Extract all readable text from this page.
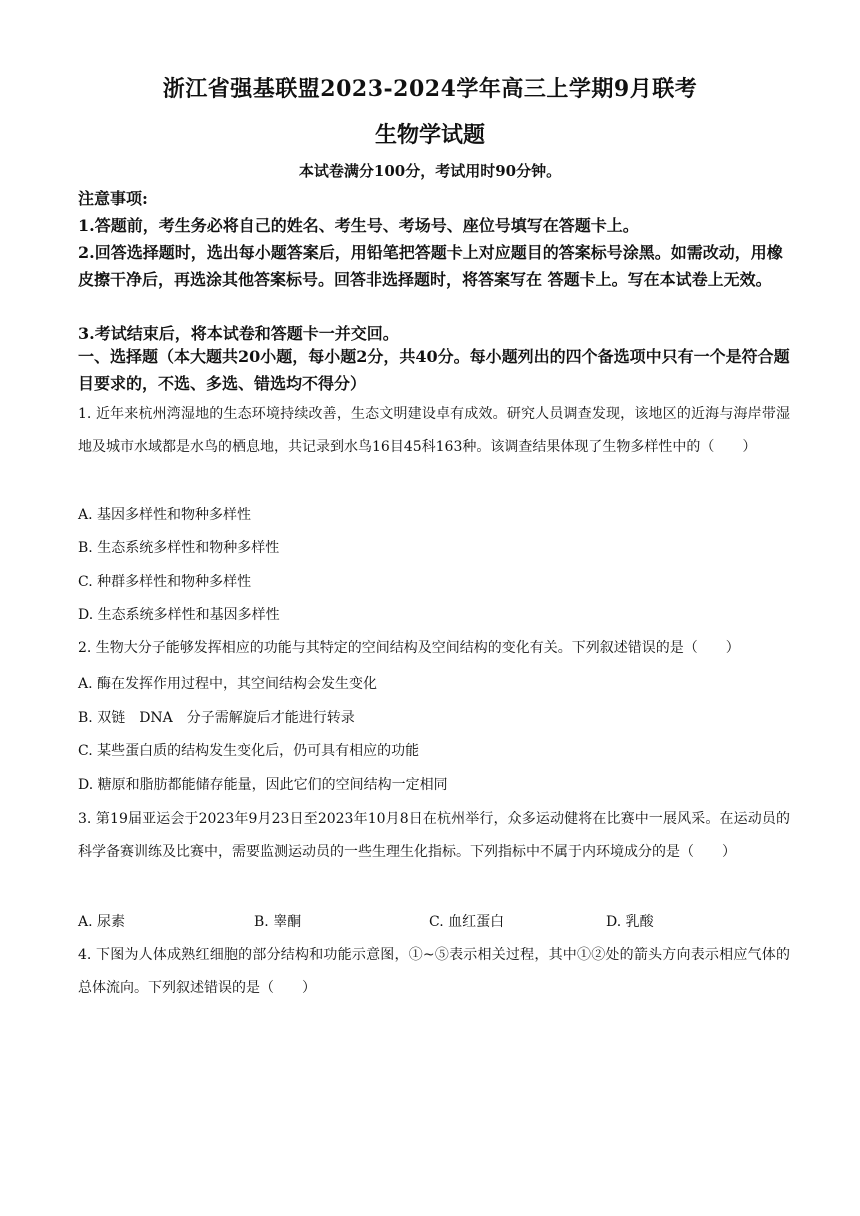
浙江省强基联盟2023-2024学年高三上学期9月联考
生物学试题
本试卷满分100分，考试用时90分钟。
注意事项:
1.答题前，考生务必将自己的姓名、考生号、考场号、座位号填写在答题卡上。
2.回答选择题时，选出每小题答案后，用铅笔把答题卡上对应题目的答案标号涂黑。如需改动，用橡皮擦干净后，再选涂其他答案标号。回答非选择题时，将答案写在 答题卡上。写在本试卷上无效。
3.考试结束后，将本试卷和答题卡一并交回。
一、选择题（本大题共20小题，每小题2分，共40分。每小题列出的四个备选项中只有一个是符合题目要求的，不选、多选、错选均不得分）
1. 近年来杭州湾湿地的生态环境持续改善，生态文明建设卓有成效。研究人员调查发现，该地区的近海与海岸带湿地及城市水域都是水鸟的栖息地，共记录到水鸟16目45科163种。该调查结果体现了生物多样性中的（　　）
A. 基因多样性和物种多样性
B. 生态系统多样性和物种多样性
C. 种群多样性和物种多样性
D. 生态系统多样性和基因多样性
2. 生物大分子能够发挥相应的功能与其特定的空间结构及空间结构的变化有关。下列叙述错误的是（　　）
A. 酶在发挥作用过程中，其空间结构会发生变化
B. 双链　DNA　分子需解旋后才能进行转录
C. 某些蛋白质的结构发生变化后，仍可具有相应的功能
D. 糖原和脂肪都能储存能量，因此它们的空间结构一定相同
3. 第19届亚运会于2023年9月23日至2023年10月8日在杭州举行，众多运动健将在比赛中一展风采。在运动员的科学备赛训练及比赛中，需要监测运动员的一些生理生化指标。下列指标中不属于内环境成分的是（　　）
A. 尿素	B. 睾酮	C. 血红蛋白	D. 乳酸
4. 下图为人体成熟红细胞的部分结构和功能示意图，①~⑤表示相关过程，其中①②处的箭头方向表示相应气体的总体流向。下列叙述错误的是（　　）
